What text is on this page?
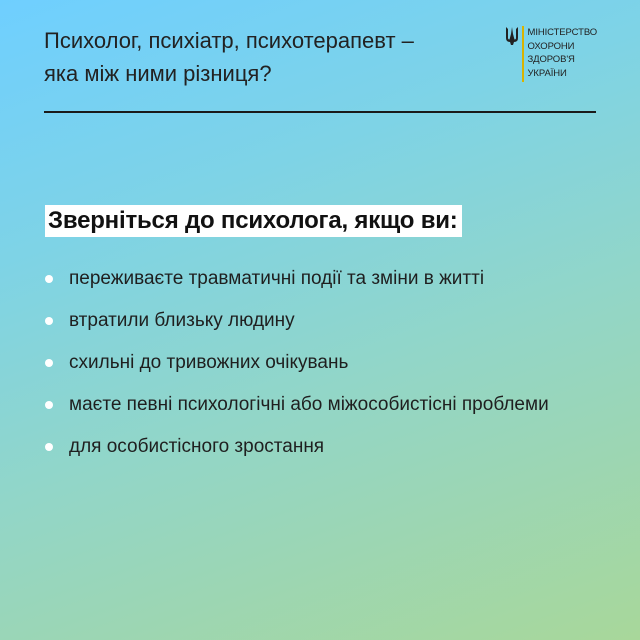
Психолог, психіатр, психотерапевт –
яка між ними різниця?
МІНІСТЕРСТВО
ОХОРОНИ
ЗДОРОВ'Я
УКРАЇНИ
Зверніться до психолога, якщо ви:
переживаєте травматичні події та зміни в житті
втратили близьку людину
схильні до тривожних очікувань
маєте певні психологічні або міжособистісні проблеми
для особистісного зростання
